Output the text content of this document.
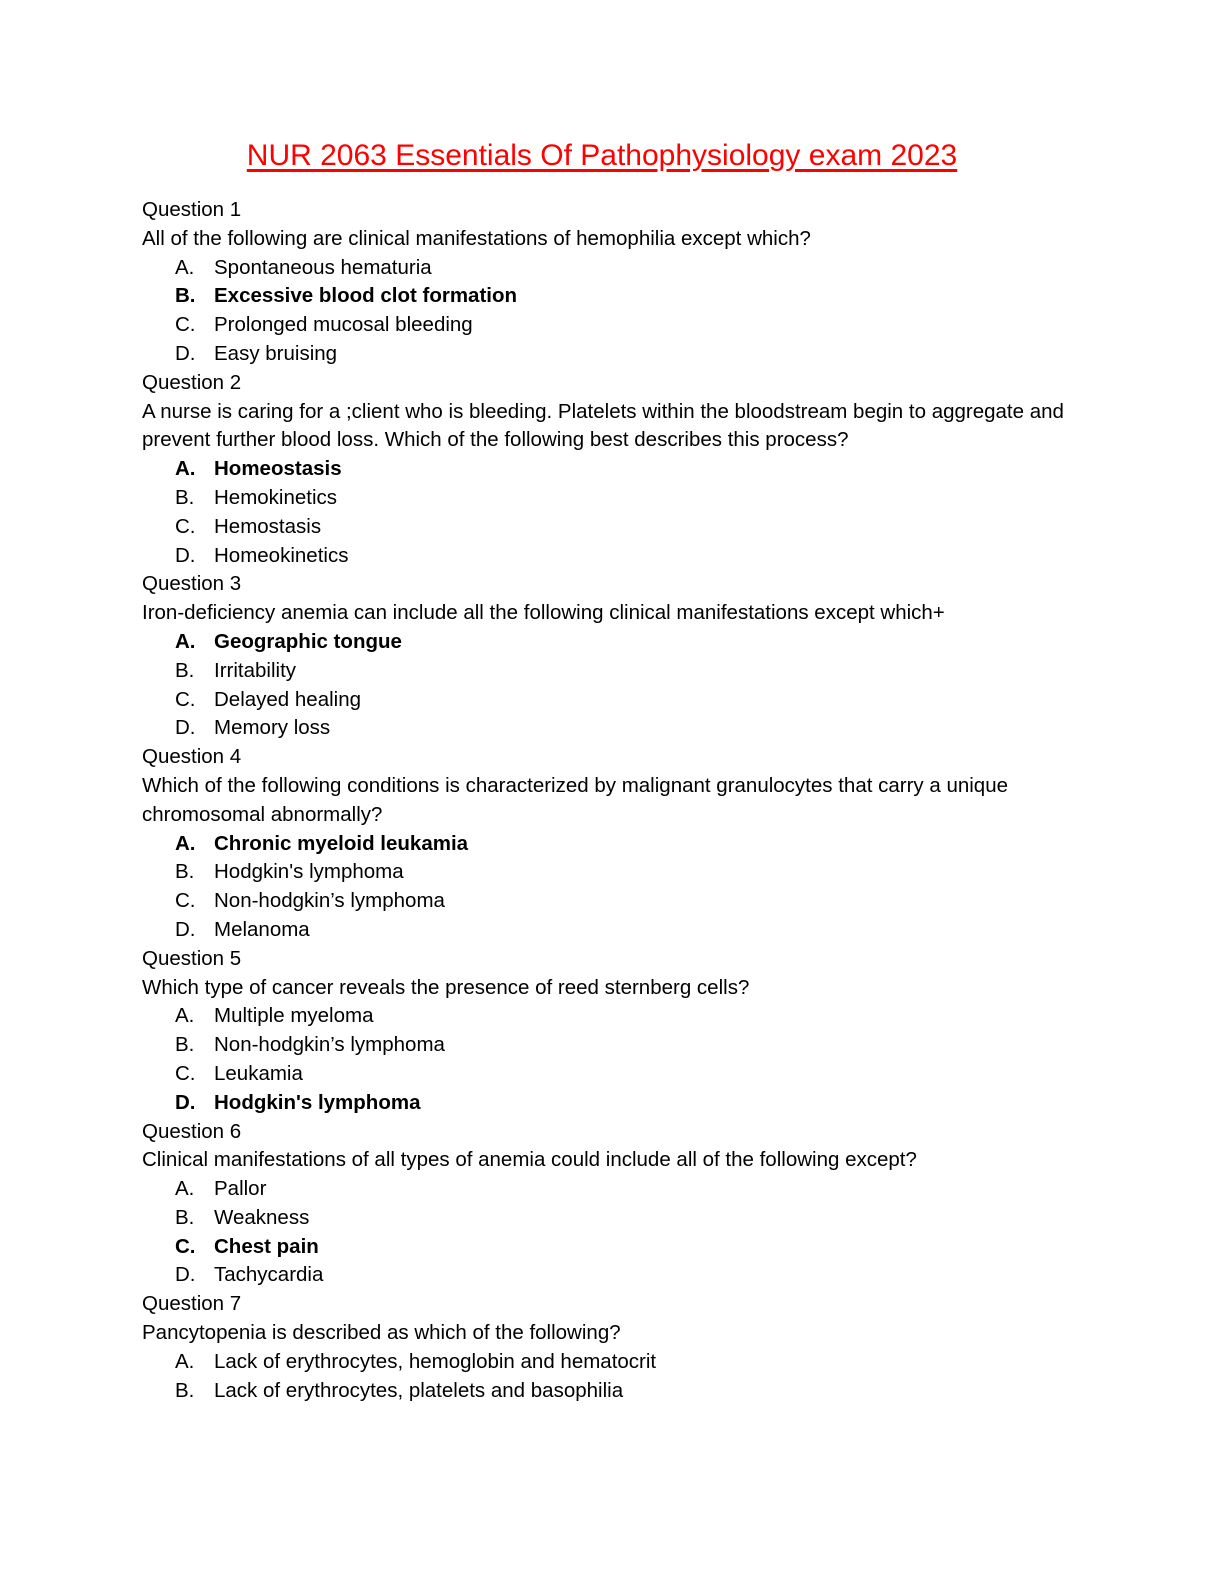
NUR 2063 Essentials Of Pathophysiology exam 2023

Question 1

All of the following are clinical manifestations of hemophilia except which?

A. Spontaneous hematuria
B. Excessive blood clot formation
C. Prolonged mucosal bleeding
D. Easy bruising

Question 2

A nurse is caring for a ;client who is bleeding. Platelets within the bloodstream begin to aggregate and prevent further blood loss. Which of the following best describes this process?

A. Homeostasis
B. Hemokinetics
C. Hemostasis
D. Homeokinetics

Question 3

Iron-deficiency anemia can include all the following clinical manifestations except which+

A. Geographic tongue
B. Irritability
C. Delayed healing
D. Memory loss

Question 4

Which of the following conditions is characterized by malignant granulocytes that carry a unique chromosomal abnormally?

A. Chronic myeloid leukamia
B. Hodgkin's lymphoma
C. Non-hodgkin’s lymphoma
D. Melanoma

Question 5

Which type of cancer reveals the presence of reed sternberg cells?

A. Multiple myeloma
B. Non-hodgkin’s lymphoma
C. Leukamia
D. Hodgkin's lymphoma

Question 6

Clinical manifestations of all types of anemia could include all of the following except?

A. Pallor
B. Weakness
C. Chest pain
D. Tachycardia

Question 7

Pancytopenia is described as which of the following?

A. Lack of erythrocytes, hemoglobin and hematocrit
B. Lack of erythrocytes, platelets and basophilia
